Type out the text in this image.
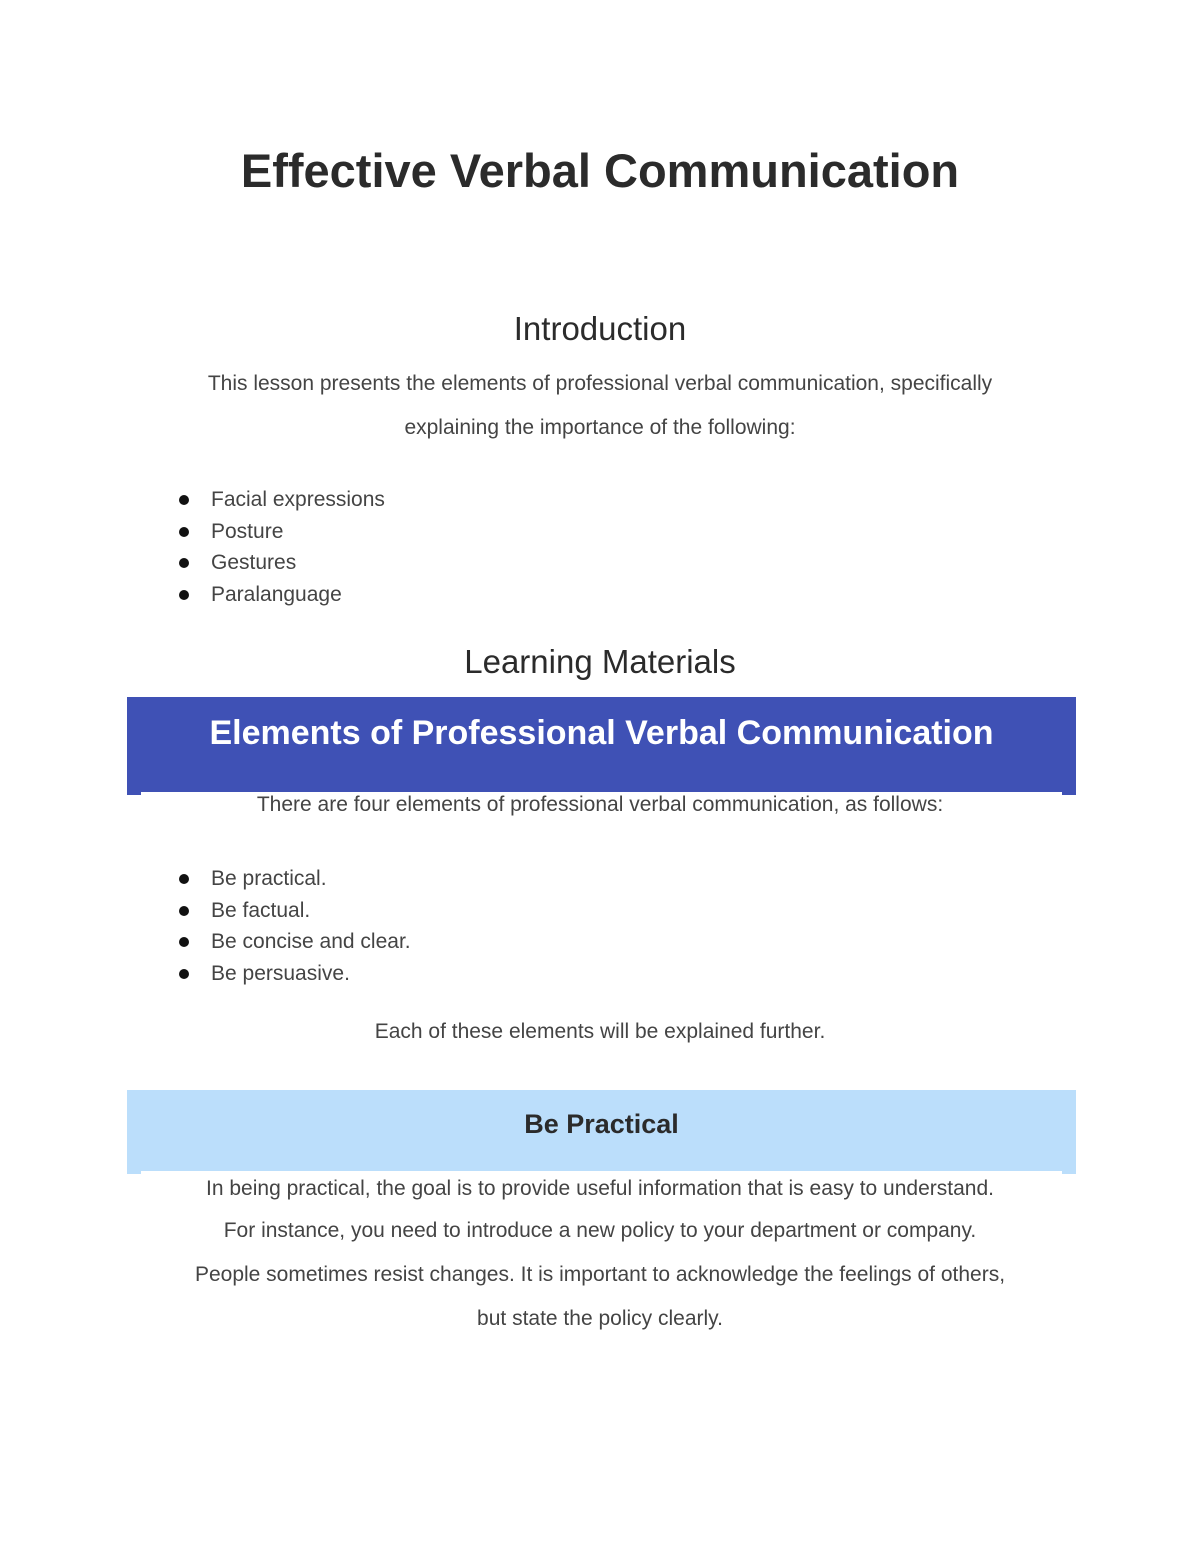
Effective Verbal Communication
Introduction
This lesson presents the elements of professional verbal communication, specifically
explaining the importance of the following:
Facial expressions
Posture
Gestures
Paralanguage
Learning Materials
Elements of Professional Verbal Communication
There are four elements of professional verbal communication, as follows:
Be practical.
Be factual.
Be concise and clear.
Be persuasive.
Each of these elements will be explained further.
Be Practical
In being practical, the goal is to provide useful information that is easy to understand.
For instance, you need to introduce a new policy to your department or company.
People sometimes resist changes. It is important to acknowledge the feelings of others,
but state the policy clearly.
